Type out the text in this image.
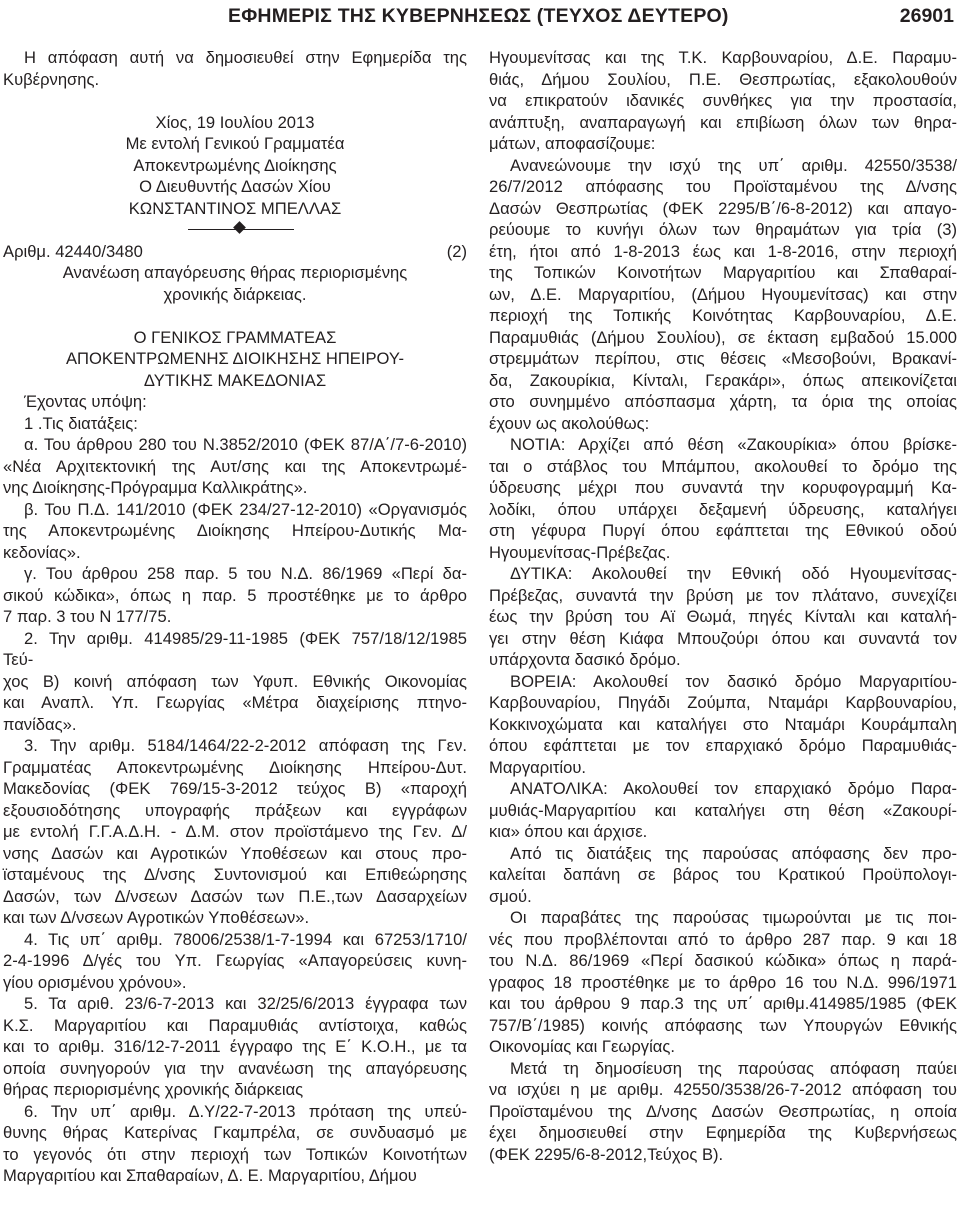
ΕΦΗΜΕΡΙΣ ΤΗΣ ΚΥΒΕΡΝΗΣΕΩΣ (ΤΕΥΧΟΣ ΔΕΥΤΕΡΟ)	26901

Η απόφαση αυτή να δημοσιευθεί στην Εφημερίδα της
Κυβέρνησης.

Χίος, 19 Ιουλίου 2013
Με εντολή Γενικού Γραμματέα
Αποκεντρωμένης Διοίκησης
Ο Διευθυντής Δασών Χίου
ΚΩΝΣΤΑΝΤΙΝΟΣ ΜΠΕΛΛΑΣ
Αριθμ. 42440/3480	(2)
Ανανέωση απαγόρευσης θήρας περιορισμένης
χρονικής διάρκειας.
Ο ΓΕΝΙΚΟΣ ΓΡΑΜΜΑΤΕΑΣ
ΑΠΟΚΕΝΤΡΩΜΕΝΗΣ ΔΙΟΙΚΗΣΗΣ ΗΠΕΙΡΟΥ-
ΔΥΤΙΚΗΣ ΜΑΚΕΔΟΝΙΑΣ

Έχοντας υπόψη:

1 .Τις διατάξεις:

α. Του άρθρου 280 του Ν.3852/2010 (ΦΕΚ 87/Α΄/7-6-2010)
«Νέα Αρχιτεκτονική της Αυτ/σης και της Αποκεντρωμέ-
νης Διοίκησης-Πρόγραμμα Καλλικράτης».

β. Του Π.Δ. 141/2010 (ΦΕΚ 234/27-12-2010) «Οργανισμός
της Αποκεντρωμένης Διοίκησης Ηπείρου-Δυτικής Μα-
κεδονίας».

γ. Του άρθρου 258 παρ. 5 του Ν.Δ. 86/1969 «Περί δα-
σικού κώδικα», όπως η παρ. 5 προστέθηκε με το άρθρο
7 παρ. 3 του Ν 177/75.

2. Την αριθμ. 414985/29-11-1985 (ΦΕΚ 757/18/12/1985 Τεύ-
χος Β) κοινή απόφαση των Υφυπ. Εθνικής Οικονομίας
και Αναπλ. Υπ. Γεωργίας «Μέτρα διαχείρισης πτηνο-
πανίδας».

3. Την αριθμ. 5184/1464/22-2-2012 απόφαση της Γεν.
Γραμματέας Αποκεντρωμένης Διοίκησης Ηπείρου-Δυτ.
Μακεδονίας (ΦΕΚ 769/15-3-2012 τεύχος Β) «παροχή
εξουσιοδότησης υπογραφής πράξεων και εγγράφων
με εντολή Γ.Γ.Α.Δ.Η. - Δ.Μ. στον προϊστάμενο της Γεν. Δ/
νσης Δασών και Αγροτικών Υποθέσεων και στους προ-
ϊσταμένους της Δ/νσης Συντονισμού και Επιθεώρησης
Δασών, των Δ/νσεων Δασών των Π.Ε.,των Δασαρχείων
και των Δ/νσεων Αγροτικών Υποθέσεων».

4. Τις υπ΄ αριθμ. 78006/2538/1-7-1994 και 67253/1710/
2-4-1996 Δ/γές του Υπ. Γεωργίας «Απαγορεύσεις κυνη-
γίου ορισμένου χρόνου».

5. Τα αριθ. 23/6-7-2013 και 32/25/6/2013 έγγραφα των
Κ.Σ. Μαργαριτίου και Παραμυθιάς αντίστοιχα, καθώς
και το αριθμ. 316/12-7-2011 έγγραφο της Ε΄ Κ.Ο.Η., με τα
οποία συνηγορούν για την ανανέωση της απαγόρευσης
θήρας περιορισμένης χρονικής διάρκειας

6. Την υπ΄ αριθμ. Δ.Υ/22-7-2013 πρόταση της υπεύ-
θυνης θήρας Κατερίνας Γκαμπρέλα, σε συνδυασμό με
το γεγονός ότι στην περιοχή των Τοπικών Κοινοτήτων
Μαργαριτίου και Σπαθαραίων, Δ. Ε. Μαργαριτίου, Δήμου

Ηγουμενίτσας και της Τ.Κ. Καρβουναρίου, Δ.Ε. Παραμυ-
θιάς, Δήμου Σουλίου, Π.Ε. Θεσπρωτίας, εξακολουθούν
να επικρατούν ιδανικές συνθήκες για την προστασία,
ανάπτυξη, αναπαραγωγή και επιβίωση όλων των θηρα-
μάτων, αποφασίζουμε:

Ανανεώνουμε την ισχύ της υπ΄ αριθμ. 42550/3538/
26/7/2012 απόφασης του Προϊσταμένου της Δ/νσης
Δασών Θεσπρωτίας (ΦΕΚ 2295/Β΄/6-8-2012) και απαγο-
ρεύουμε το κυνήγι όλων των θηραμάτων για τρία (3)
έτη, ήτοι από 1-8-2013 έως και 1-8-2016, στην περιοχή
της Τοπικών Κοινοτήτων Μαργαριτίου και Σπαθαραί-
ων, Δ.Ε. Μαργαριτίου, (Δήμου Ηγουμενίτσας) και στην
περιοχή της Τοπικής Κοινότητας Καρβουναρίου, Δ.Ε.
Παραμυθιάς (Δήμου Σουλίου), σε έκταση εμβαδού 15.000
στρεμμάτων περίπου, στις θέσεις «Μεσοβούνι, Βρακανί-
δα, Ζακουρίκια, Κίνταλι, Γερακάρι», όπως απεικονίζεται
στο συνημμένο απόσπασμα χάρτη, τα όρια της οποίας
έχουν ως ακολούθως:

ΝΟΤΙΑ: Αρχίζει από θέση «Ζακουρίκια» όπου βρίσκε-
ται ο στάβλος του Μπάμπου, ακολουθεί το δρόμο της
ύδρευσης μέχρι που συναντά την κορυφογραμμή Κα-
λοδίκι, όπου υπάρχει δεξαμενή ύδρευσης, καταλήγει
στη γέφυρα Πυργί όπου εφάπτεται της Εθνικού οδού
Ηγουμενίτσας-Πρέβεζας.

ΔΥΤΙΚΑ: Ακολουθεί την Εθνική οδό Ηγουμενίτσας-
Πρέβεζας, συναντά την βρύση με τον πλάτανο, συνεχίζει
έως την βρύση του Αϊ Θωμά, πηγές Κίνταλι και καταλή-
γει στην θέση Κιάφα Μπουζούρι όπου και συναντά τον
υπάρχοντα δασικό δρόμο.

ΒΟΡΕΙΑ: Ακολουθεί τον δασικό δρόμο Μαργαριτίου-
Καρβουναρίου, Πηγάδι Ζούμπα, Νταμάρι Καρβουναρίου,
Κοκκινοχώματα και καταλήγει στο Νταμάρι Κουράμπαλη
όπου εφάπτεται με τον επαρχιακό δρόμο Παραμυθιάς-
Μαργαριτίου.

ΑΝΑΤΟΛΙΚΑ: Ακολουθεί τον επαρχιακό δρόμο Παρα-
μυθιάς-Μαργαριτίου και καταλήγει στη θέση «Ζακουρί-
κια» όπου και άρχισε.

Από τις διατάξεις της παρούσας απόφασης δεν προ-
καλείται δαπάνη σε βάρος του Κρατικού Προϋπολογι-
σμού.

Οι παραβάτες της παρούσας τιμωρούνται με τις ποι-
νές που προβλέπονται από το άρθρο 287 παρ. 9 και 18
του Ν.Δ. 86/1969 «Περί δασικού κώδικα» όπως η παρά-
γραφος 18 προστέθηκε με το άρθρο 16 του Ν.Δ. 996/1971
και του άρθρου 9 παρ.3 της υπ΄ αριθμ.414985/1985 (ΦΕΚ
757/Β΄/1985) κοινής απόφασης των Υπουργών Εθνικής
Οικονομίας και Γεωργίας.

Μετά τη δημοσίευση της παρούσας απόφαση παύει
να ισχύει η με αριθμ. 42550/3538/26-7-2012 απόφαση του
Προϊσταμένου της Δ/νσης Δασών Θεσπρωτίας, η οποία
έχει δημοσιευθεί στην Εφημερίδα της Κυβερνήσεως
(ΦΕΚ 2295/6-8-2012,Τεύχος Β).
